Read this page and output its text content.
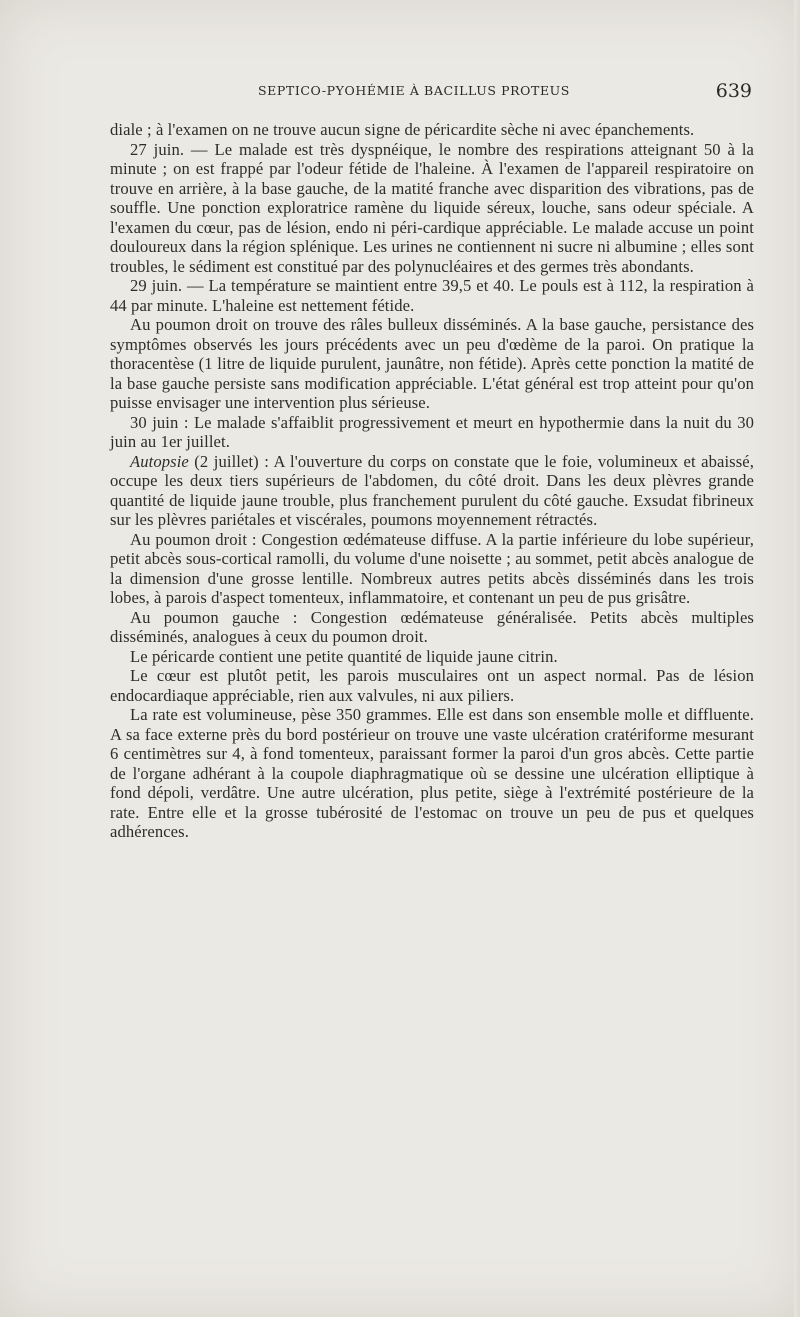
SEPTICO-PYOHÉMIE À BACILLUS PROTEUS	639

diale ; à l'examen on ne trouve aucun signe de péricardite sèche ni avec épanchements.

27 juin. — Le malade est très dyspnéique, le nombre des respirations atteignant 50 à la minute ; on est frappé par l'odeur fétide de l'haleine. À l'examen de l'appareil respiratoire on trouve en arrière, à la base gauche, de la matité franche avec disparition des vibrations, pas de souffle. Une ponction exploratrice ramène du liquide séreux, louche, sans odeur spéciale. A l'examen du cœur, pas de lésion, endo ni péri-cardique appréciable. Le malade accuse un point douloureux dans la région splénique. Les urines ne contiennent ni sucre ni albumine ; elles sont troubles, le sédiment est constitué par des polynucléaires et des germes très abondants.

29 juin. — La température se maintient entre 39,5 et 40. Le pouls est à 112, la respiration à 44 par minute. L'haleine est nettement fétide.

Au poumon droit on trouve des râles bulleux disséminés. A la base gauche, persistance des symptômes observés les jours précédents avec un peu d'œdème de la paroi. On pratique la thoracentèse (1 litre de liquide purulent, jaunâtre, non fétide). Après cette ponction la matité de la base gauche persiste sans modification appréciable. L'état général est trop atteint pour qu'on puisse envisager une intervention plus sérieuse.

30 juin : Le malade s'affaiblit progressivement et meurt en hypothermie dans la nuit du 30 juin au 1er juillet.

Autopsie (2 juillet) : A l'ouverture du corps on constate que le foie, volumineux et abaissé, occupe les deux tiers supérieurs de l'abdomen, du côté droit. Dans les deux plèvres grande quantité de liquide jaune trouble, plus franchement purulent du côté gauche. Exsudat fibrineux sur les plèvres pariétales et viscérales, poumons moyennement rétractés.

Au poumon droit : Congestion œdémateuse diffuse. A la partie inférieure du lobe supérieur, petit abcès sous-cortical ramolli, du volume d'une noisette ; au sommet, petit abcès analogue de la dimension d'une grosse lentille. Nombreux autres petits abcès disséminés dans les trois lobes, à parois d'aspect tomenteux, inflammatoire, et contenant un peu de pus grisâtre.

Au poumon gauche : Congestion œdémateuse généralisée. Petits abcès multiples disséminés, analogues à ceux du poumon droit.

Le péricarde contient une petite quantité de liquide jaune citrin.

Le cœur est plutôt petit, les parois musculaires ont un aspect normal. Pas de lésion endocardiaque appréciable, rien aux valvules, ni aux piliers.

La rate est volumineuse, pèse 350 grammes. Elle est dans son ensemble molle et diffluente. A sa face externe près du bord postérieur on trouve une vaste ulcération cratériforme mesurant 6 centimètres sur 4, à fond tomenteux, paraissant former la paroi d'un gros abcès. Cette partie de l'organe adhérant à la coupole diaphragmatique où se dessine une ulcération elliptique à fond dépoli, verdâtre. Une autre ulcération, plus petite, siège à l'extrémité postérieure de la rate. Entre elle et la grosse tubérosité de l'estomac on trouve un peu de pus et quelques adhérences.
